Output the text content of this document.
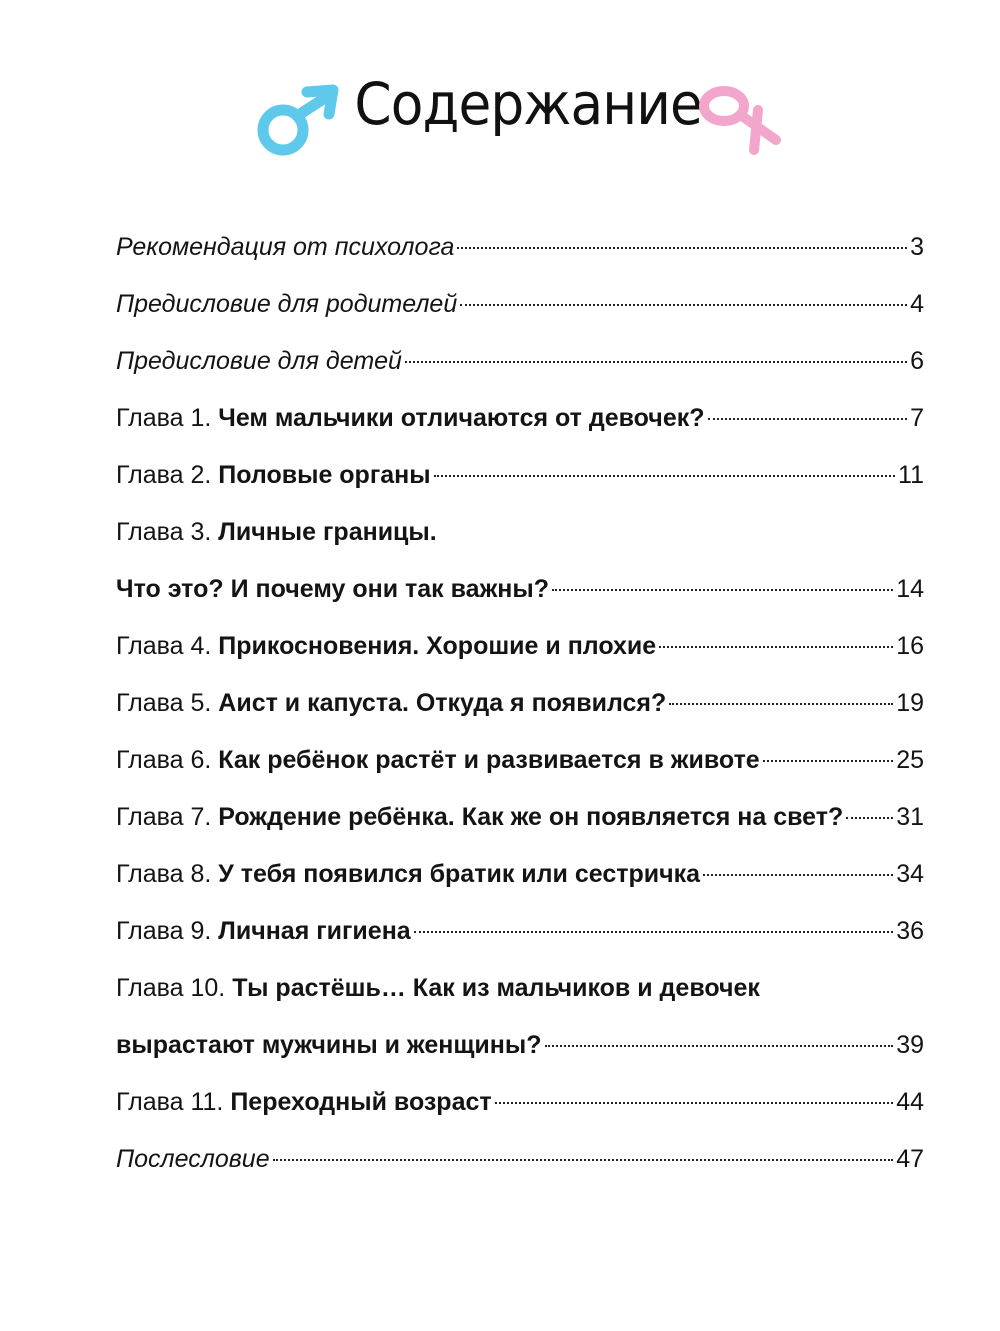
Содержание
Рекомендация от психолога	3
Предисловие для родителей	4
Предисловие для детей	6
Глава 1. Чем мальчики отличаются от девочек?	7
Глава 2. Половые органы	11
Глава 3. Личные границы.
Что это? И почему они так важны?	14
Глава 4. Прикосновения. Хорошие и плохие	16
Глава 5. Аист и капуста. Откуда я появился?	19
Глава 6. Как ребёнок растёт и развивается в животе	25
Глава 7. Рождение ребёнка. Как же он появляется на свет? 31
Глава 8. У тебя появился братик или сестричка	34
Глава 9. Личная гигиена	36
Глава 10. Ты растёшь… Как из мальчиков и девочек
вырастают мужчины и женщины?	39
Глава 11. Переходный возраст	44
Послесловие	47
